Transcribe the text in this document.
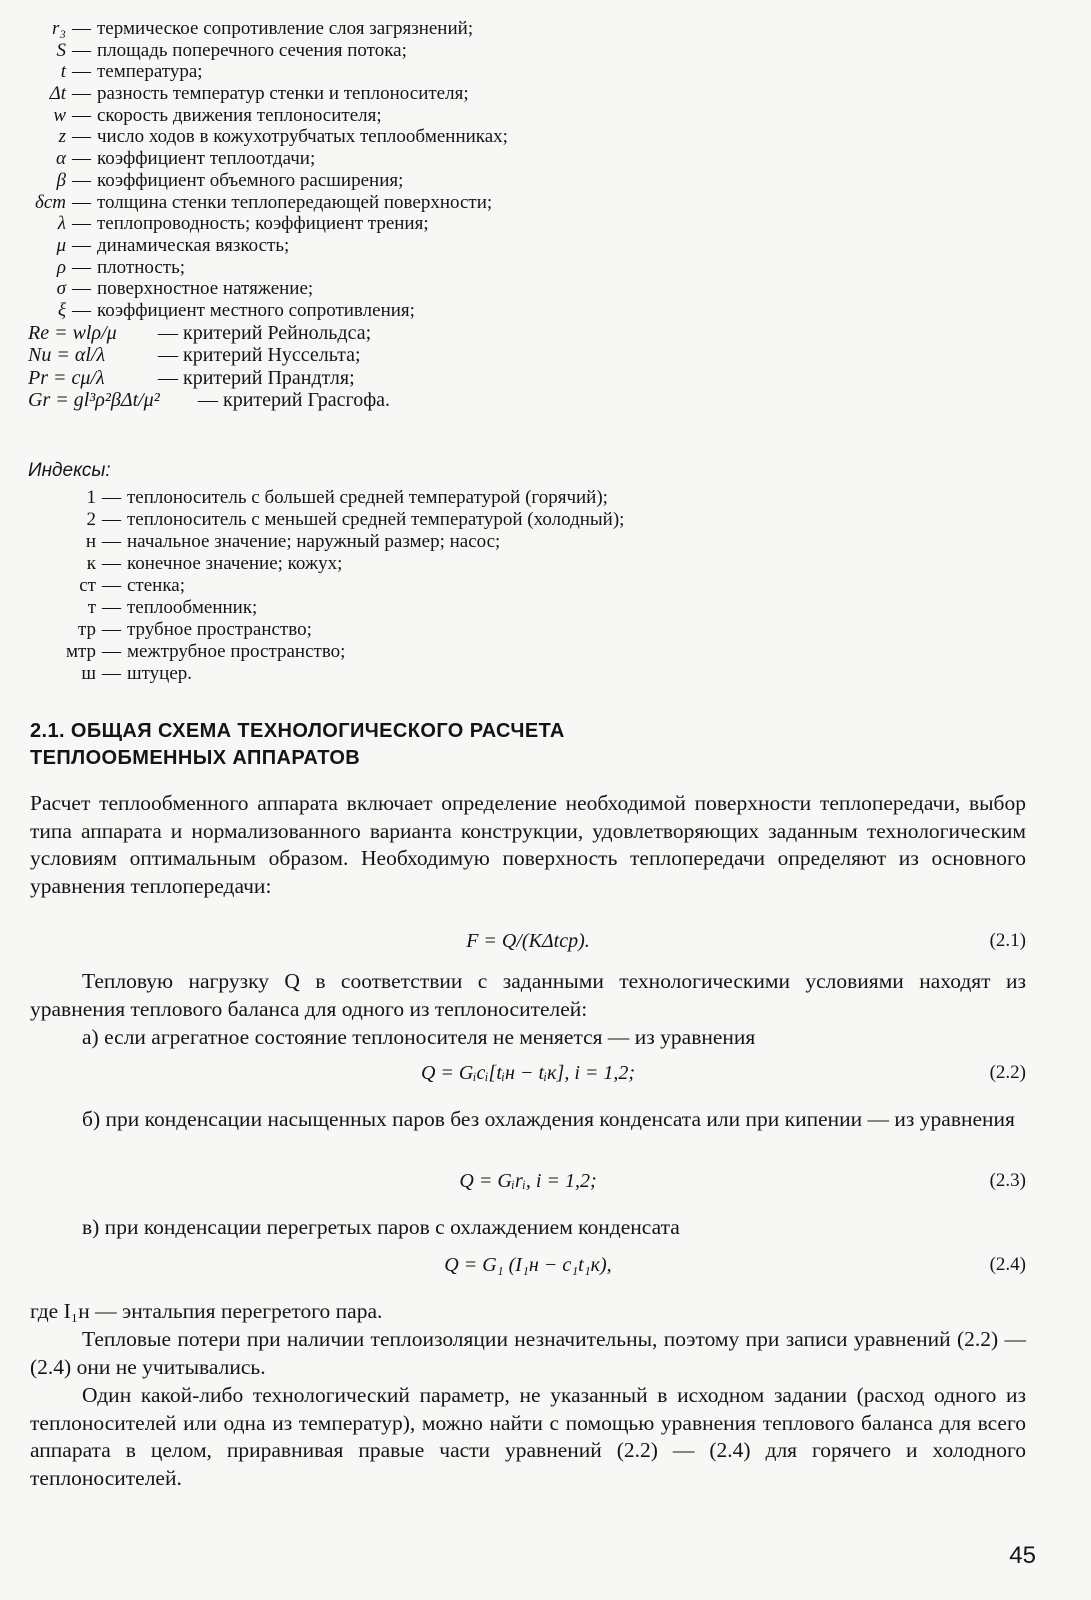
r₃ — термическое сопротивление слоя загрязнений;
S — площадь поперечного сечения потока;
t — температура;
Δt — разность температур стенки и теплоносителя;
w — скорость движения теплоносителя;
z — число ходов в кожухотрубчатых теплообменниках;
α — коэффициент теплоотдачи;
β — коэффициент объемного расширения;
δст — толщина стенки теплопередающей поверхности;
λ — теплопроводность; коэффициент трения;
μ — динамическая вязкость;
ρ — плотность;
σ — поверхностное натяжение;
ξ — коэффициент местного сопротивления;
Re = wlρ/μ	— критерий Рейнольдса;
Nu = αl/λ	— критерий Нуссельта;
Pr = cμ/λ	— критерий Прандтля;
Gr = gl³ρ²βΔt/μ²	— критерий Грасгофа.
Индексы:
1 — теплоноситель с большей средней температурой (горячий);
2 — теплоноситель с меньшей средней температурой (холодный);
н — начальное значение; наружный размер; насос;
к — конечное значение; кожух;
ст — стенка;
т — теплообменник;
тр — трубное пространство;
мтр — межтрубное пространство;
ш — штуцер.
2.1. ОБЩАЯ СХЕМА ТЕХНОЛОГИЧЕСКОГО РАСЧЕТА
ТЕПЛООБМЕННЫХ АППАРАТОВ
Расчет теплообменного аппарата включает определение необходимой поверхности теплопередачи, выбор типа аппарата и нормализованного варианта конструкции, удовлетворяющих заданным технологическим условиям оптимальным образом. Необходимую поверхность теплопередачи определяют из основного уравнения теплопередачи:
F = Q/(KΔtср).	(2.1)
Тепловую нагрузку Q в соответствии с заданными технологическими условиями находят из уравнения теплового баланса для одного из теплоносителей:
а) если агрегатное состояние теплоносителя не меняется — из уравнения
Q = Gᵢcᵢ[tᵢн − tᵢк], i = 1,2;	(2.2)
б) при конденсации насыщенных паров без охлаждения конденсата или при кипении — из уравнения
Q = Gᵢrᵢ, i = 1,2;	(2.3)
в) при конденсации перегретых паров с охлаждением конденсата
Q = G₁ (I₁н − c₁t₁к),	(2.4)
где I₁н — энтальпия перегретого пара.
Тепловые потери при наличии теплоизоляции незначительны, поэтому при записи уравнений (2.2) — (2.4) они не учитывались.
Один какой-либо технологический параметр, не указанный в исходном задании (расход одного из теплоносителей или одна из температур), можно найти с помощью уравнения теплового баланса для всего аппарата в целом, приравнивая правые части уравнений (2.2) — (2.4) для горячего и холодного теплоносителей.
45
